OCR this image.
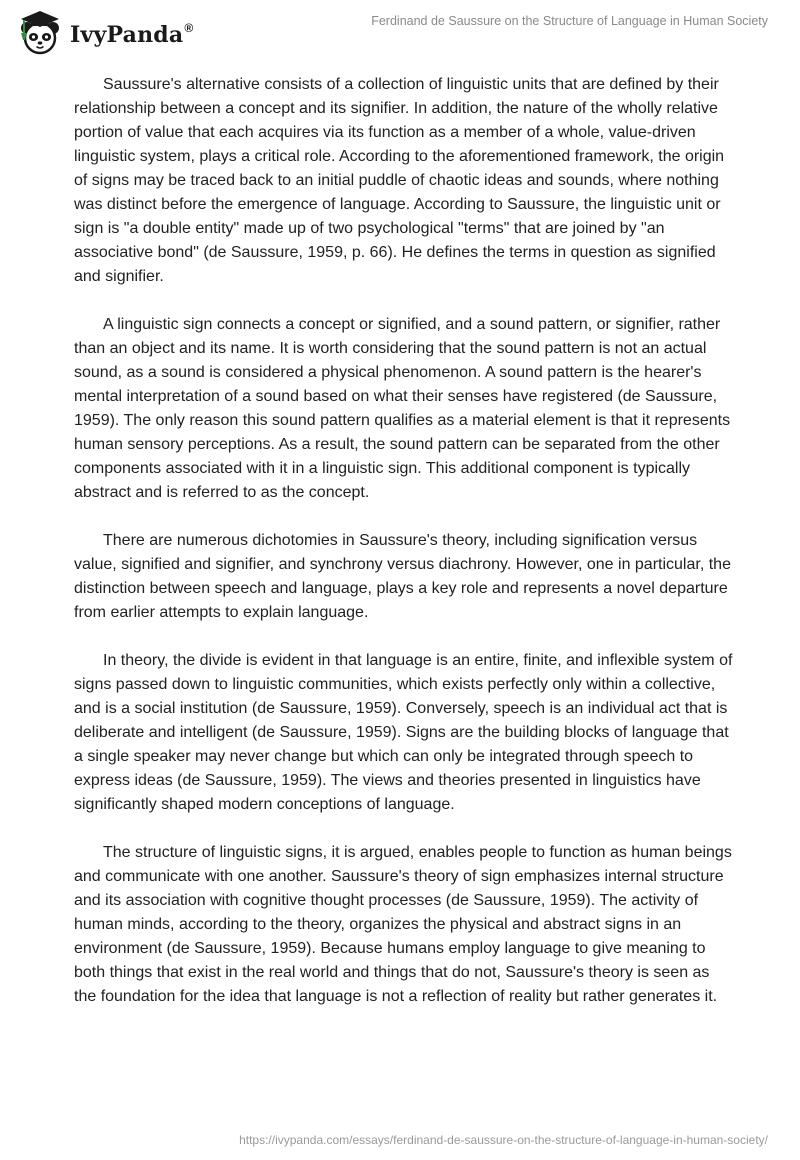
IvyPanda®	Ferdinand de Saussure on the Structure of Language in Human Society

Saussure's alternative consists of a collection of linguistic units that are defined by their relationship between a concept and its signifier. In addition, the nature of the wholly relative portion of value that each acquires via its function as a member of a whole, value-driven linguistic system, plays a critical role. According to the aforementioned framework, the origin of signs may be traced back to an initial puddle of chaotic ideas and sounds, where nothing was distinct before the emergence of language. According to Saussure, the linguistic unit or sign is "a double entity" made up of two psychological "terms" that are joined by "an associative bond" (de Saussure, 1959, p. 66). He defines the terms in question as signified and signifier.

A linguistic sign connects a concept or signified, and a sound pattern, or signifier, rather than an object and its name. It is worth considering that the sound pattern is not an actual sound, as a sound is considered a physical phenomenon. A sound pattern is the hearer's mental interpretation of a sound based on what their senses have registered (de Saussure, 1959). The only reason this sound pattern qualifies as a material element is that it represents human sensory perceptions. As a result, the sound pattern can be separated from the other components associated with it in a linguistic sign. This additional component is typically abstract and is referred to as the concept.

There are numerous dichotomies in Saussure's theory, including signification versus value, signified and signifier, and synchrony versus diachrony. However, one in particular, the distinction between speech and language, plays a key role and represents a novel departure from earlier attempts to explain language.

In theory, the divide is evident in that language is an entire, finite, and inflexible system of signs passed down to linguistic communities, which exists perfectly only within a collective, and is a social institution (de Saussure, 1959). Conversely, speech is an individual act that is deliberate and intelligent (de Saussure, 1959). Signs are the building blocks of language that a single speaker may never change but which can only be integrated through speech to express ideas (de Saussure, 1959). The views and theories presented in linguistics have significantly shaped modern conceptions of language.

The structure of linguistic signs, it is argued, enables people to function as human beings and communicate with one another. Saussure's theory of sign emphasizes internal structure and its association with cognitive thought processes (de Saussure, 1959). The activity of human minds, according to the theory, organizes the physical and abstract signs in an environment (de Saussure, 1959). Because humans employ language to give meaning to both things that exist in the real world and things that do not, Saussure's theory is seen as the foundation for the idea that language is not a reflection of reality but rather generates it.

https://ivypanda.com/essays/ferdinand-de-saussure-on-the-structure-of-language-in-human-society/
